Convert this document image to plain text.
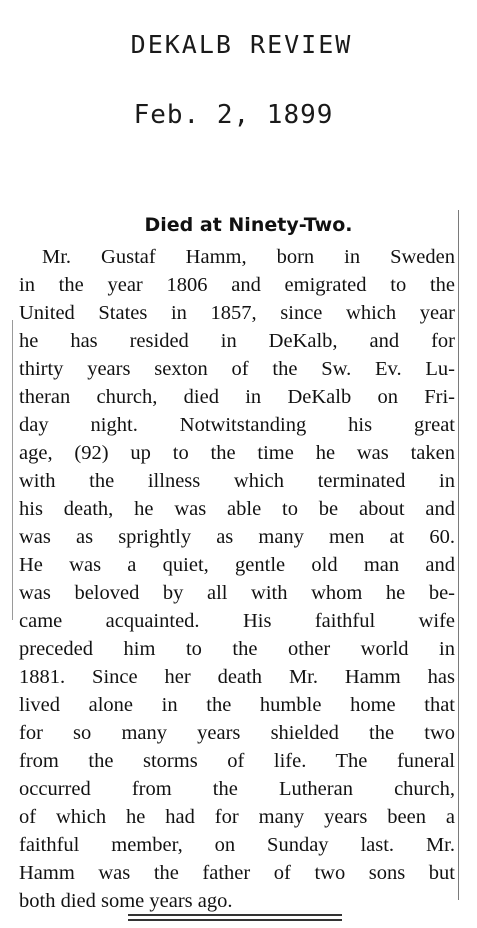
DEKALB REVIEW
Feb. 2, 1899
Died at Ninety-Two.
Mr. Gustaf Hamm, born in Sweden
in the year 1806 and emigrated to the
United States in 1857, since which year
he has resided in DeKalb, and for
thirty years sexton of the Sw. Ev. Lu-
theran church, died in DeKalb on Fri-
day night. Notwitstanding his great
age, (92) up to the time he was taken
with the illness which terminated in
his death, he was able to be about and
was as sprightly as many men at 60.
He was a quiet, gentle old man and
was beloved by all with whom he be-
came acquainted. His faithful wife
preceded him to the other world in
1881. Since her death Mr. Hamm has
lived alone in the humble home that
for so many years shielded the two
from the storms of life. The funeral
occurred from the Lutheran church,
of which he had for many years been a
faithful member, on Sunday last. Mr.
Hamm was the father of two sons but
both died some years ago.
